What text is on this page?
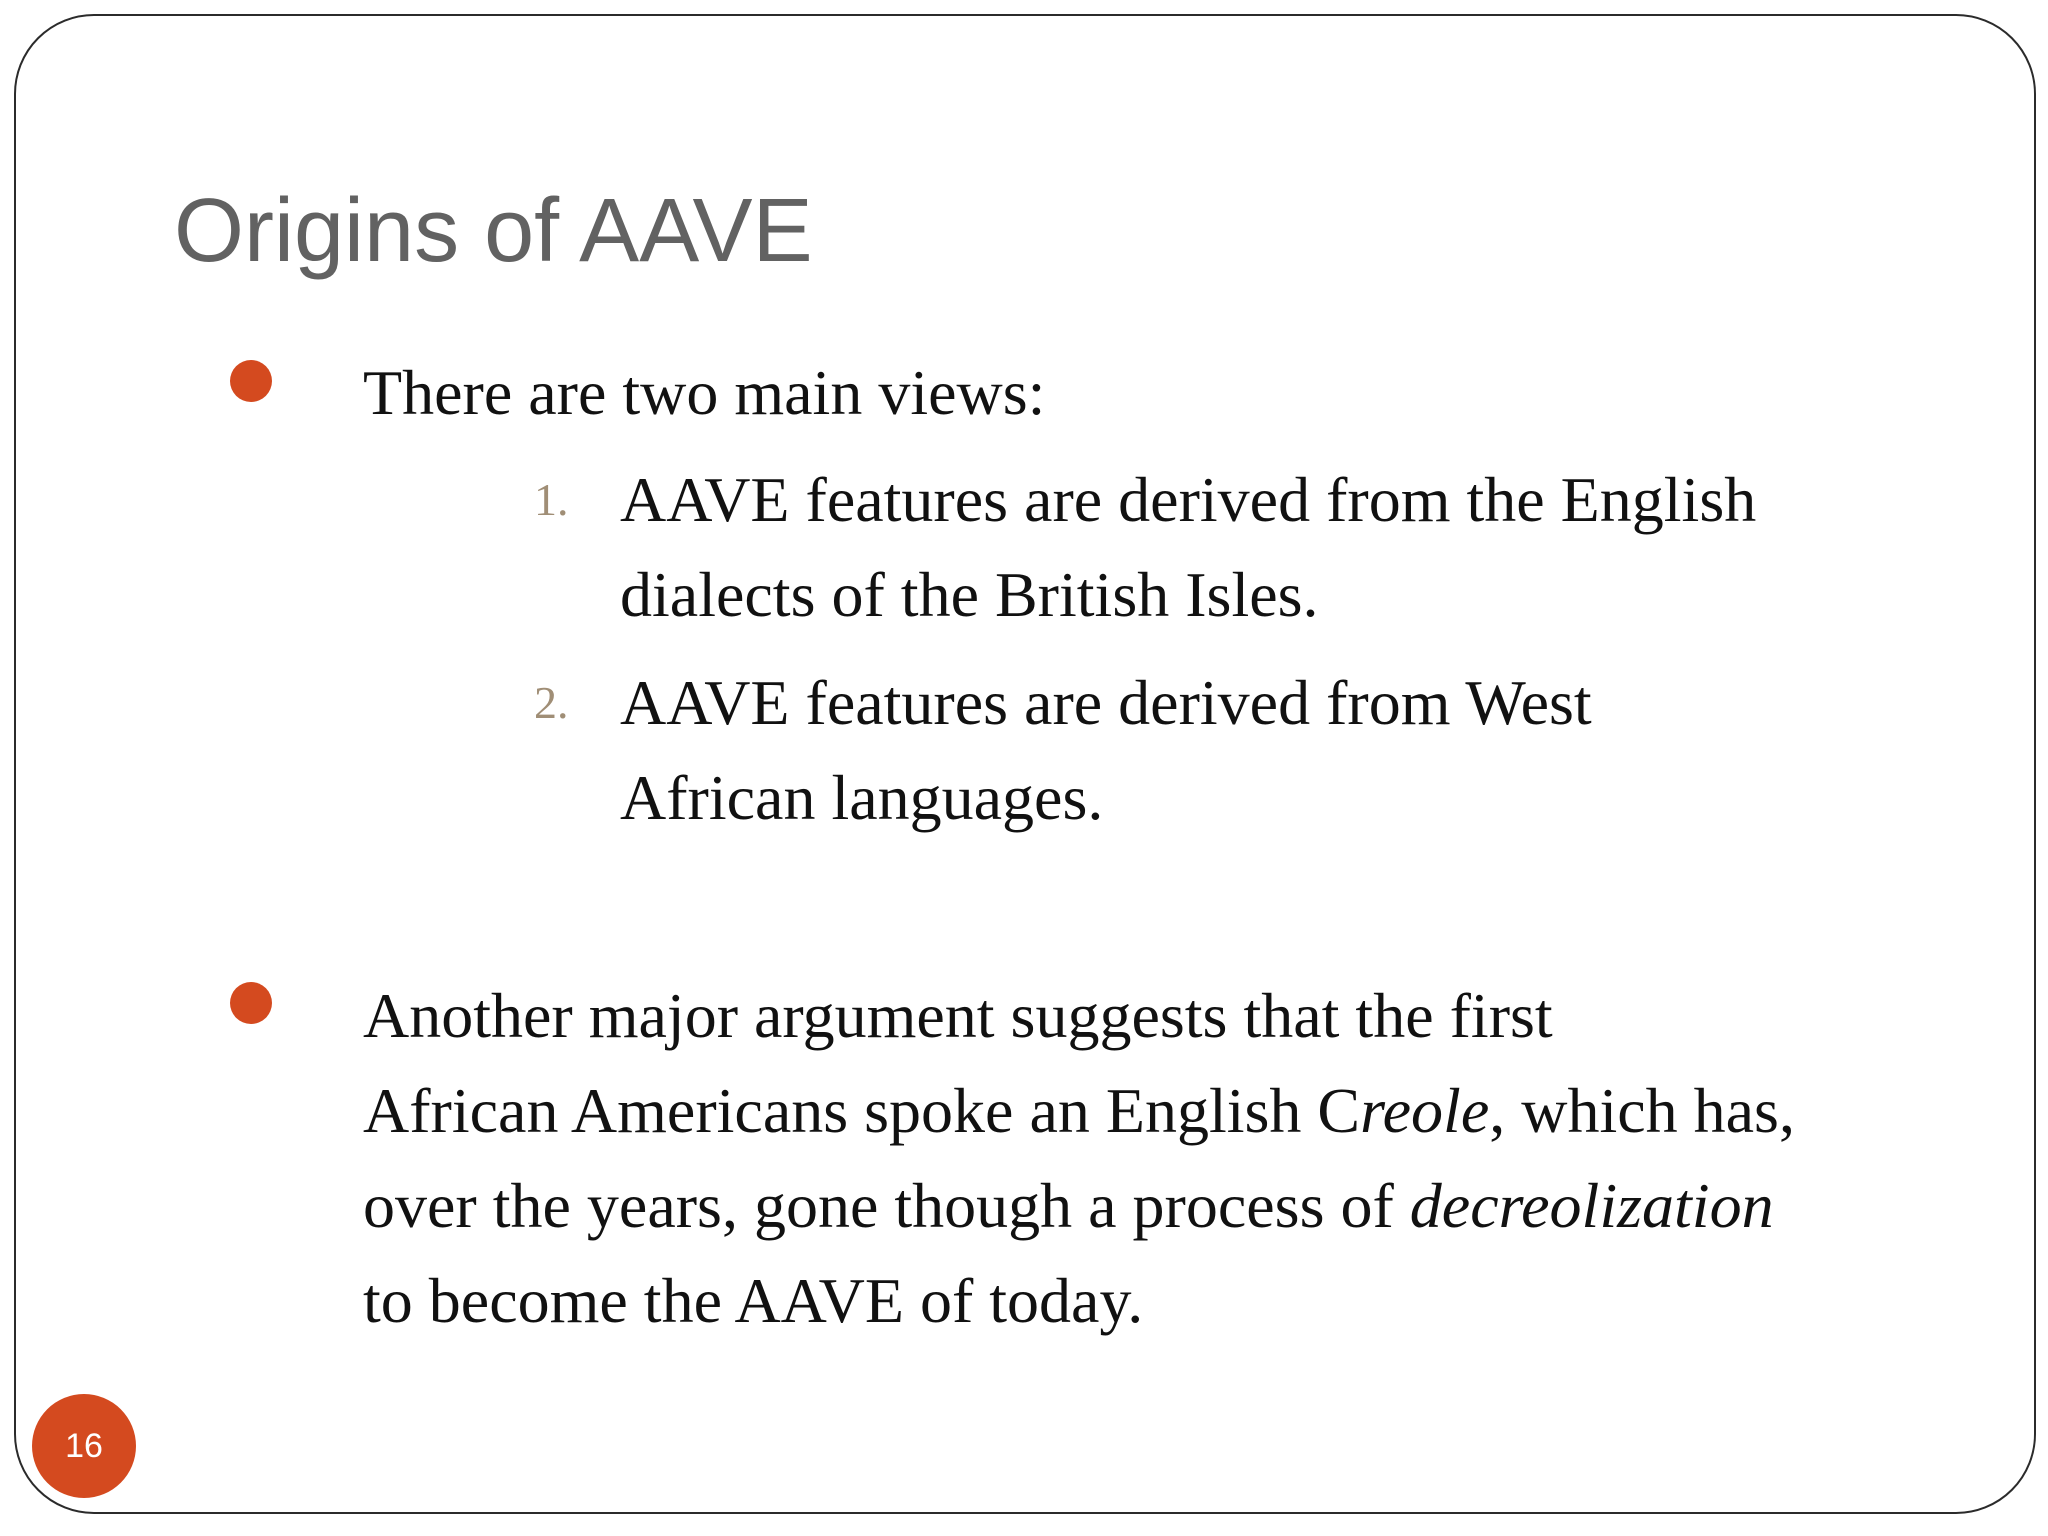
Origins of AAVE
There are two main views:
1. AAVE features are derived from the English
dialects of the British Isles.
2. AAVE features are derived from West
African languages.
Another major argument suggests that the first
African Americans spoke an English Creole, which has,
over the years, gone though a process of decreolization
to become the AAVE of today.
16
